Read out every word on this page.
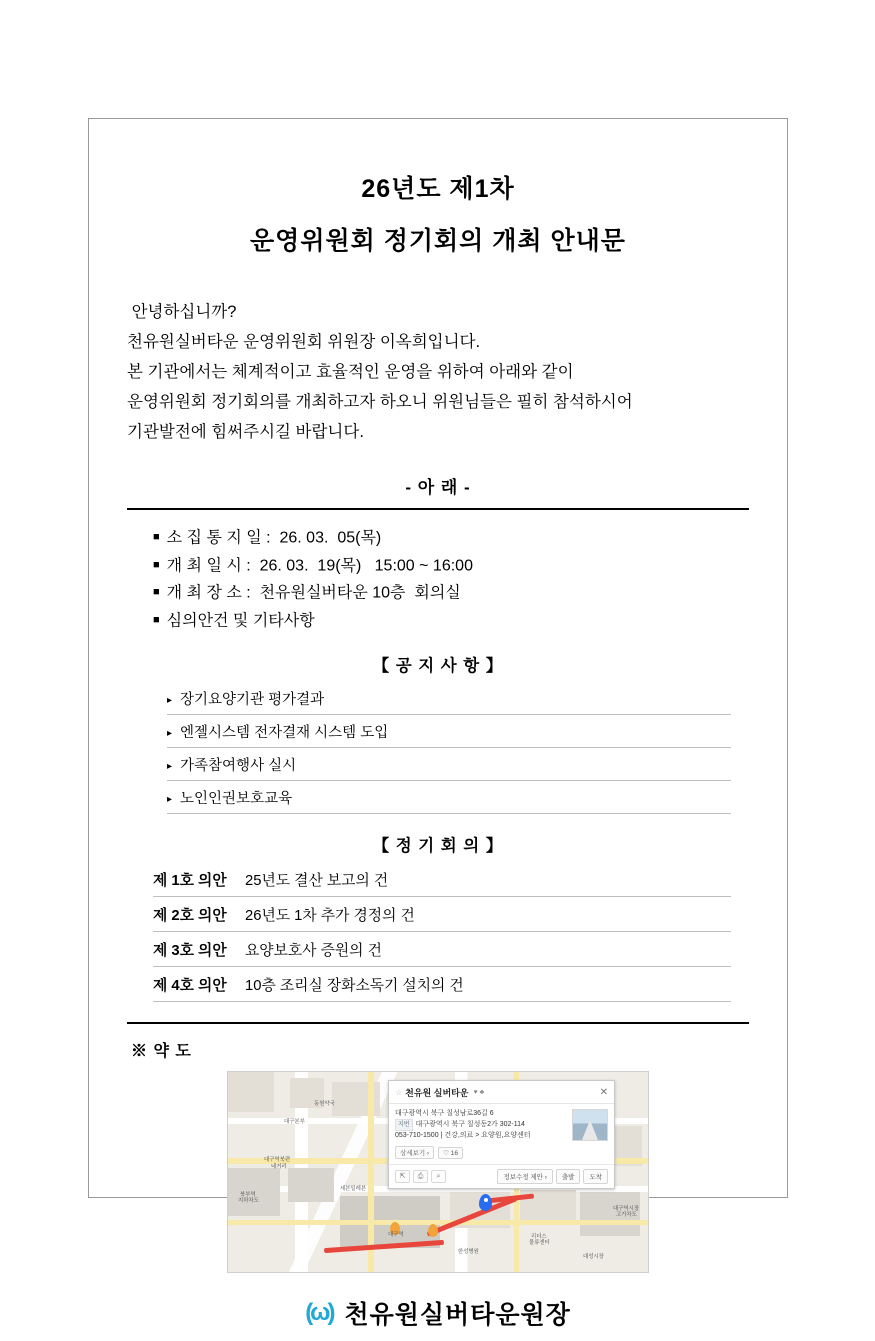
26년도 제1차
운영위원회 정기회의 개최 안내문
안녕하십니까?
천유원실버타운 운영위원회 위원장 이옥희입니다.
본 기관에서는 체계적이고 효율적인 운영을 위하여 아래와 같이
운영위원회 정기회의를 개최하고자 하오니 위원님들은 필히 참석하시어
기관발전에 힘써주시길 바랍니다.
- 아 래 -
■ 소 집 통 지 일 :  26. 03.  05(목)
■ 개 최 일 시 :  26. 03.  19(목)   15:00 ~ 16:00
■ 개 최 장 소 :  천유원실버타운 10층  회의실
■ 심의안건 및 기타사항
【 공 지 사 항 】
▸ 장기요양기관 평가결과
▸ 엔젤시스템 전자결재 시스템 도입
▸ 가족참여행사 실시
▸ 노인인권보호교육
【 정 기 회 의 】
제 1호 의안 25년도 결산 보고의 건
제 2호 의안 26년도 1차 추가 경정의 건
제 3호 의안 요양보호사 증원의 건
제 4호 의안 10층 조리실 장화소독기 설치의 건
※ 약 도
동원약국
대구본부
대구역북편
네거리
북부역
지하차도
세븐일레븐
대구역
한성병원
리더스
물류센터
대성시장
대구역시장
고가차도
☆ 천유원 실버타운 ♥ ♣	✕
대구광역시 북구 칠성남로36길 6
지번 대구광역시 북구 칠성동2가 302-114
053-710-1500 | 건강,의료 > 요양원,요양센터
상세보기 ›	♡ 16
⇱	⎙	⌕	정보수정 제안 ›	출발	도착
(ω) 천유원실버타운원장
